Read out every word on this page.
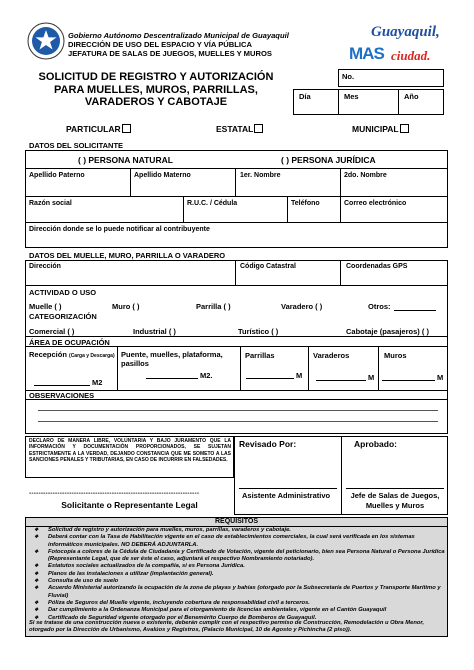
Gobierno Autónomo Descentralizado Municipal de Guayaquil
DIRECCIÓN DE USO DEL ESPACIO Y VÍA PÚBLICA
JEFATURA DE SALAS DE JUEGOS, MUELLES Y MUROS
Guayaquil,
MAS ciudad.
SOLICITUD DE REGISTRO Y AUTORIZACIÓN
PARA MUELLES, MUROS, PARRILLAS,
VARADEROS Y CABOTAJE
No.
Día	Mes	Año
PARTICULAR	ESTATAL	MUNICIPAL
DATOS DEL SOLICITANTE
( ) PERSONA NATURAL	( ) PERSONA JURÍDICA
Apellido Paterno	Apellido Materno	1er. Nombre	2do. Nombre
Razón social	R.U.C. / Cédula	Teléfono	Correo electrónico
Dirección donde se lo puede notificar al contribuyente
DATOS DEL MUELLE, MURO, PARRILLA O VARADERO
Dirección	Código Catastral	Coordenadas GPS
ACTIVIDAD O USO
Muelle ( )	Muro ( )	Parrilla ( )	Varadero ( )	Otros:
CATEGORIZACIÓN
Comercial ( )	Industrial ( )	Turístico ( )	Cabotaje (pasajeros) ( )
ÁREA DE OCUPACIÓN
Recepción (Carga y Descarga)
M2
Puente, muelles, plataforma, pasillos
M2.
Parrillas
M
Varaderos
M
Muros
M
OBSERVACIONES
DECLARO DE MANERA LIBRE, VOLUNTARIA Y BAJO JURAMENTO QUE LA INFORMACIÓN Y DOCUMENTACIÓN PROPORCIONADOS, SE SUJETAN ESTRICTAMENTE A LA VERDAD, DEJANDO CONSTANCIA QUE ME SOMETO A LAS SANCIONES PENALES Y TRIBUTARIAS, EN CASO DE INCURRIR EN FALSEDADES.
Revisado Por:	Aprobado:
Asistente Administrativo	Jefe de Salas de Juegos, Muelles y Muros
------------------------------------------------------------------------
Solicitante o Representante Legal
REQUISITOS
❖ Solicitud de registro y autorización para muelles, muros, parrillas, varaderos y cabotaje.
❖ Deberá contar con la Tasa de Habilitación vigente en el caso de establecimientos comerciales, la cual será verificada en los sistemas informáticos municipales. NO DEBERÁ ADJUNTARLA.
❖ Fotocopia a colores de la Cédula de Ciudadanía y Certificado de Votación, vigente del peticionario, bien sea Persona Natural o Persona Jurídica (Representante Legal, que de ser éste el caso, adjuntará el respectivo Nombramiento notariado).
❖ Estatutos sociales actualizados de la compañía, si es Persona Jurídica.
❖ Planos de las instalaciones a utilizar (implantación general).
❖ Consulta de uso de suelo
❖ Acuerdo Ministerial autorizando la ocupación de la zona de playas y bahías (otorgado por la Subsecretaría de Puertos y Transporte Marítimo y Fluvial)
❖ Póliza de Seguros del Muelle vigente, incluyendo cobertura de responsabilidad civil a terceros.
❖ Dar cumplimiento a la Ordenanza Municipal para el otorgamiento de licencias ambientales, vigente en el Cantón Guayaquil
❖ Certificado de Seguridad vigente otorgado por el Benemérito Cuerpo de Bomberos de Guayaquil.
Si se tratase de una construcción nueva o existente, deberán cumplir con el respectivo permiso de Construcción, Remodelación u Obra Menor, otorgado por la Dirección de Urbanismo, Avalúos y Registros, (Palacio Municipal, 10 de Agosto y Pichincha (2 piso)).
